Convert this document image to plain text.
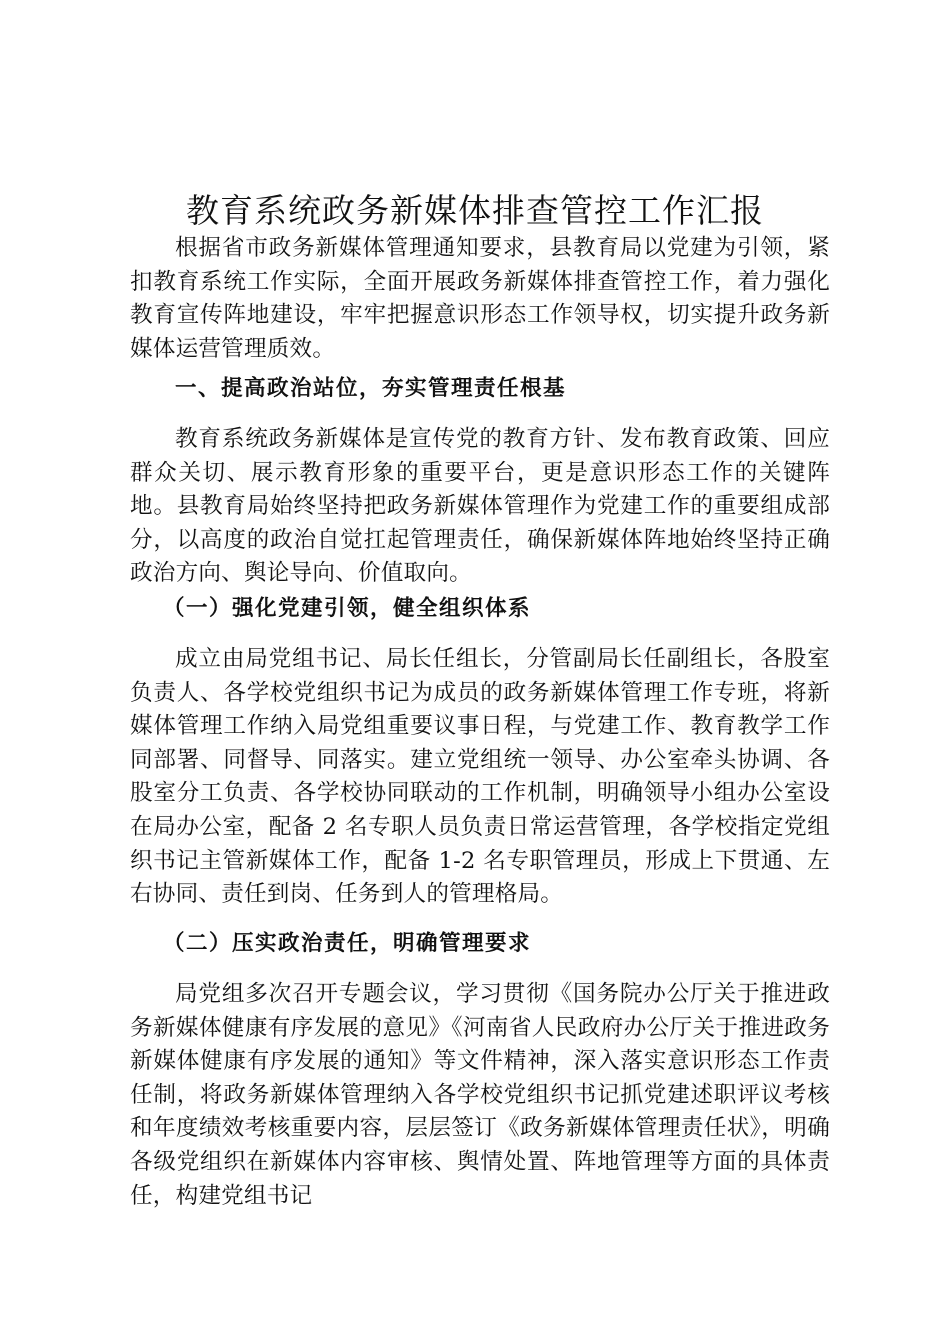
教育系统政务新媒体排查管控工作汇报

根据省市政务新媒体管理通知要求，县教育局以党建为引领，紧扣教育系统工作实际，全面开展政务新媒体排查管控工作，着力强化教育宣传阵地建设，牢牢把握意识形态工作领导权，切实提升政务新媒体运营管理质效。

一、提高政治站位，夯实管理责任根基

教育系统政务新媒体是宣传党的教育方针、发布教育政策、回应群众关切、展示教育形象的重要平台，更是意识形态工作的关键阵地。县教育局始终坚持把政务新媒体管理作为党建工作的重要组成部分，以高度的政治自觉扛起管理责任，确保新媒体阵地始终坚持正确政治方向、舆论导向、价值取向。

（一）强化党建引领，健全组织体系

成立由局党组书记、局长任组长，分管副局长任副组长，各股室负责人、各学校党组织书记为成员的政务新媒体管理工作专班，将新媒体管理工作纳入局党组重要议事日程，与党建工作、教育教学工作同部署、同督导、同落实。建立党组统一领导、办公室牵头协调、各股室分工负责、各学校协同联动的工作机制，明确领导小组办公室设在局办公室，配备 2 名专职人员负责日常运营管理，各学校指定党组织书记主管新媒体工作，配备 1-2 名专职管理员，形成上下贯通、左右协同、责任到岗、任务到人的管理格局。

（二）压实政治责任，明确管理要求

局党组多次召开专题会议，学习贯彻《国务院办公厅关于推进政务新媒体健康有序发展的意见》《河南省人民政府办公厅关于推进政务新媒体健康有序发展的通知》等文件精神，深入落实意识形态工作责任制，将政务新媒体管理纳入各学校党组织书记抓党建述职评议考核和年度绩效考核重要内容，层层签订《政务新媒体管理责任状》，明确各级党组织在新媒体内容审核、舆情处置、阵地管理等方面的具体责任，构建党组书记
